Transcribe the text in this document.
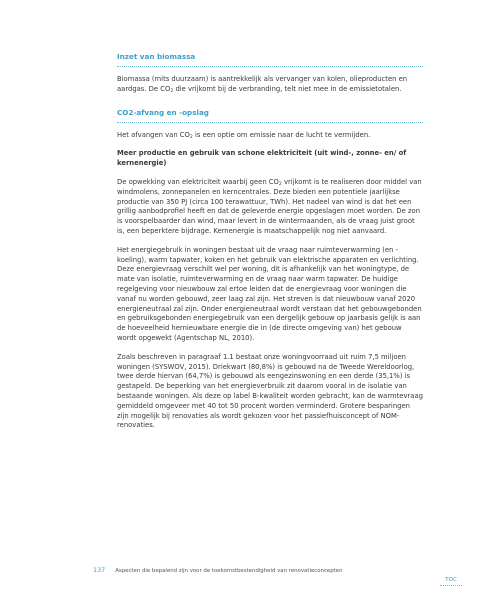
Inzet van biomassa

Biomassa (mits duurzaam) is aantrekkelijk als vervanger van kolen, olieproducten en aardgas. De $CO_2$ die vrijkomt bij de verbranding, telt niet mee in de emissietotalen.

CO2-afvang en -opslag

Het afvangen van $CO_2$ is een optie om emissie naar de lucht te vermijden.

Meer productie en gebruik van schone elektriciteit (uit wind-, zonne- en/ of kernenergie)

De opwekking van elektriciteit waarbij geen $CO_2$ vrijkomt is te realiseren door middel van windmolens, zonnepanelen en kerncentrales. Deze bieden een potentiele jaarlijkse productie van 350 PJ (circa 100 terawattuur, TWh). Het nadeel van wind is dat het een grillig aanbodprofiel heeft en dat de geleverde energie opgeslagen moet worden. De zon is voorspelbaarder dan wind, maar levert in de wintermaanden, als de vraag juist groot is, een beperktere bijdrage. Kernenergie is maatschappelijk nog niet aanvaard.

Het energiegebruik in woningen bestaat uit de vraag naar ruimteverwarming (en -koeling), warm tapwater, koken en het gebruik van elektrische apparaten en verlichting. Deze energievraag verschilt wel per woning, dit is afhankelijk van het woningtype, de mate van isolatie, ruimteverwarming en de vraag naar warm tapwater. De huidige regelgeving voor nieuwbouw zal ertoe leiden dat de energievraag voor woningen die vanaf nu worden gebouwd, zeer laag zal zijn. Het streven is dat nieuwbouw vanaf 2020 energieneutraal zal zijn. Onder energieneutraal wordt verstaan dat het gebouwgebonden en gebruiksgebonden energiegebruik van een dergelijk gebouw op jaarbasis gelijk is aan de hoeveelheid hernieuwbare energie die in (de directe omgeving van) het gebouw wordt opgewekt (Agentschap NL, 2010).

Zoals beschreven in paragraaf 1.1 bestaat onze woningvoorraad uit ruim 7,5 miljoen woningen (SYSWOV, 2015). Driekwart (80,8%) is gebouwd na de Tweede Wereldoorlog, twee derde hiervan (64,7%) is gebouwd als eengezinswoning en een derde (35,1%) is gestapeld. De beperking van het energieverbruik zit daarom vooral in de isolatie van bestaande woningen. Als deze op label B-kwaliteit worden gebracht, kan de warmtevraag gemiddeld omgeveer met 40 tot 50 procent worden verminderd. Grotere besparingen zijn mogelijk bij renovaties als wordt gekozen voor het passiefhuisconcept of NOM-renovaties.

137 Aspecten die bepalend zijn voor de toekomstbestendigheid van renovatieconcepten
TOC
